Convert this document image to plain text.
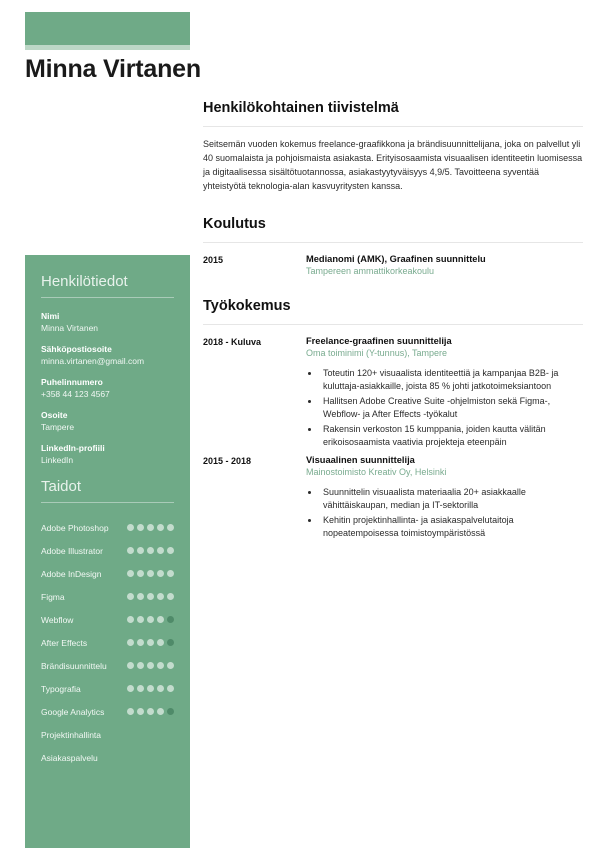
Minna Virtanen
Henkilötiedot
Nimi
Minna Virtanen
Sähköpostiosoite
minna.virtanen@gmail.com
Puhelinnumero
+358 44 123 4567
Osoite
Tampere
LinkedIn-profiili
LinkedIn
Taidot
Adobe Photoshop
Adobe Illustrator
Adobe InDesign
Figma
Webflow
After Effects
Brändisuunnittelu
Typografia
Google Analytics
Projektinhallinta
Asiakaspalvelu
Henkilökohtainen tiivistelmä
Seitsemän vuoden kokemus freelance-graafikkona ja brändisuunnittelijana, joka on palvellut yli 40 suomalaista ja pohjoismaista asiakasta. Erityisosaamista visuaalisen identiteetin luomisessa ja digitaalisessa sisältötuotannossa, asiakastyytyväisyys 4,9/5. Tavoitteena syventää yhteistyötä teknologia-alan kasvuyritysten kanssa.
Koulutus
2015	Medianomi (AMK), Graafinen suunnittelu
Tampereen ammattikorkeakoulu
Työkokemus
2018 - Kuluva	Freelance-graafinen suunnittelija
Oma toiminimi (Y-tunnus), Tampere
• Toteutin 120+ visuaalista identiteettiä ja kampanjaa B2B- ja kuluttaja-asiakkaille, joista 85 % johti jatkotoimeksiantoon
• Hallitsen Adobe Creative Suite -ohjelmiston sekä Figma-, Webflow- ja After Effects -työkalut
• Rakensin verkoston 15 kumppania, joiden kautta välitän erikoisosaamista vaativia projekteja eteenpäin
2015 - 2018	Visuaalinen suunnittelija
Mainostoimisto Kreativ Oy, Helsinki
• Suunnittelin visuaalista materiaalia 20+ asiakkaalle vähittäiskaupan, median ja IT-sektorilla
• Kehitin projektinhallinta- ja asiakaspalvelutaitoja nopeatempoisessa toimistoympäristössä
